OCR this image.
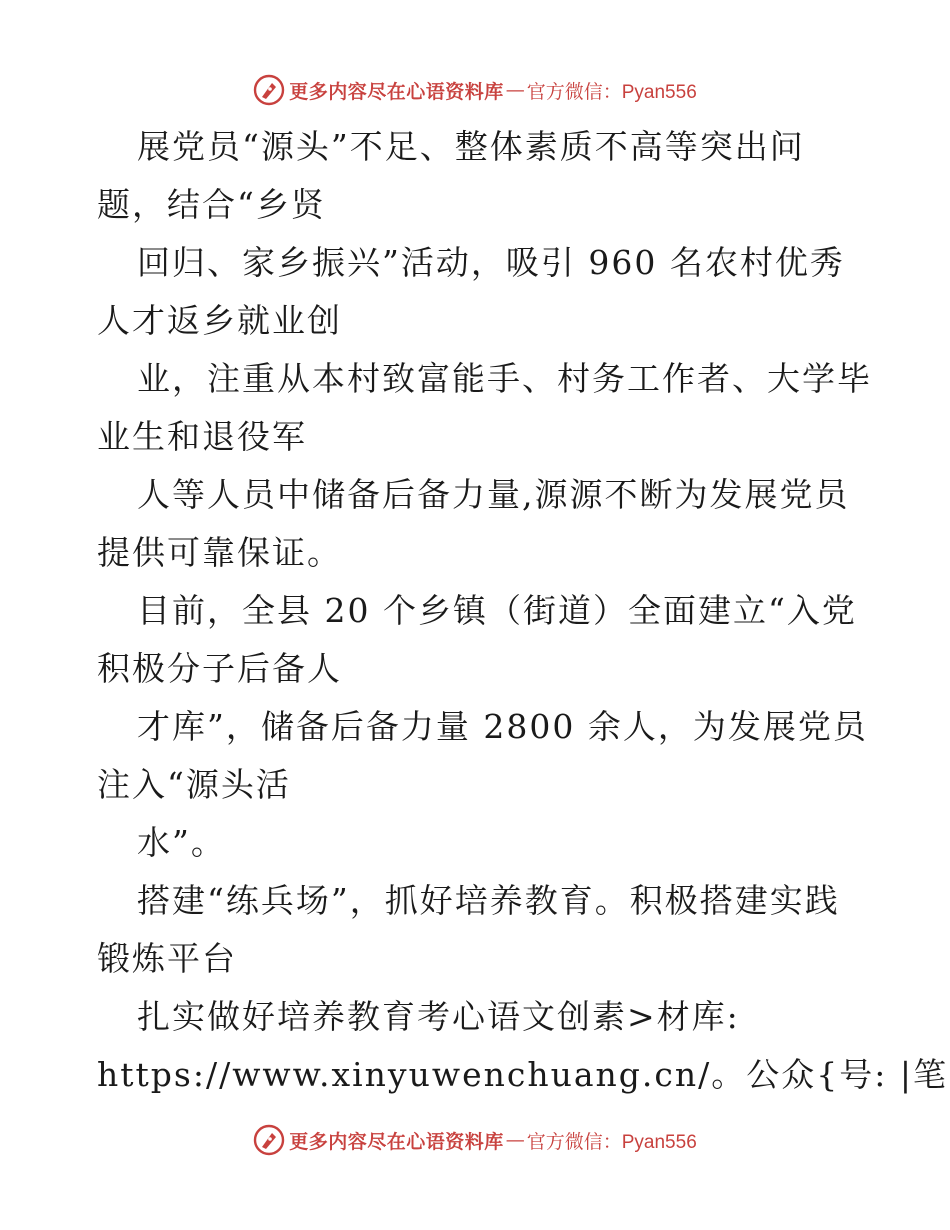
更多内容尽在心语资料库 — 官方微信：Pyan556
展党员“源头”不足、整体素质不高等突出问
题，结合“乡贤
回归、家乡振兴”活动，吸引 960 名农村优秀
人才返乡就业创
业，注重从本村致富能手、村务工作者、大学毕
业生和退役军
人等人员中储备后备力量,源源不断为发展党员
提供可靠保证。
目前，全县 20 个乡镇（街道）全面建立“入党
积极分子后备人
才库”，储备后备力量 2800 余人，为发展党员
注入“源头活
水”。
搭建“练兵场”，抓好培养教育。积极搭建实践
锻炼平台
扎实做好培养教育考心语文创素>材库:
https://www.xinyuwenchuang.cn/。公众{号: |笔
更多内容尽在心语资料库 — 官方微信：Pyan556
